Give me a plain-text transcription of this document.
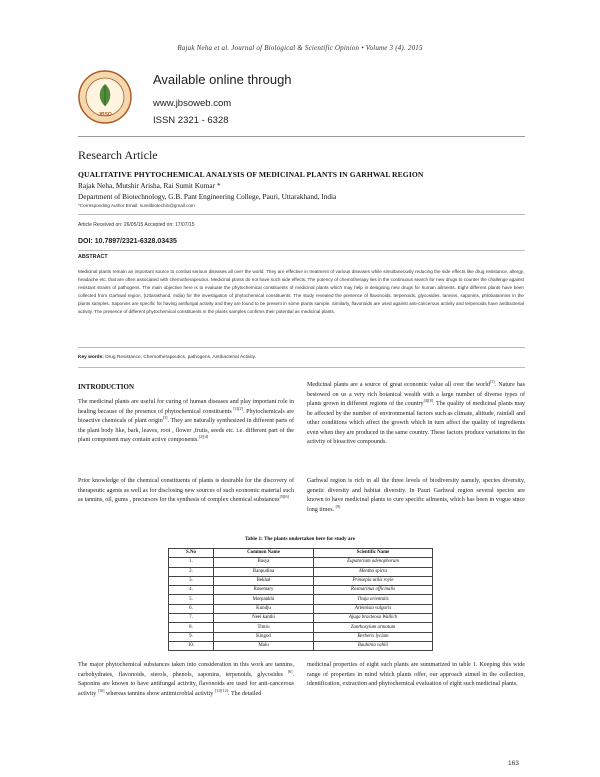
Rajak Neha et al. Journal of Biological & Scientific Opinion • Volume 3 (4). 2015
JBSO
Available online through
www.jbsoweb.com
ISSN 2321 - 6328
Research Article
QUALITATIVE PHYTOCHEMICAL ANALYSIS OF MEDICINAL PLANTS IN GARHWAL REGION
Rajak Neha, Mutshir Arisha, Rai Sumit Kumar *
Department of Biotechnology, G.B. Pant Engineering College, Pauri, Uttarakhand, India
*Corresponding Author Email: sumitbiotechin@gmail.com
Article Received on: 26/05/15 Accepted on: 17/07/15
DOI: 10.7897/2321-6328.03435
ABSTRACT
Medicinal plants remain an important source to combat serious diseases all over the world. They are effective in treatment of various diseases while simultaneously reducing the side effects like drug resistance, allergy, headache etc. that are often associated with chemotherapeutics. Medicinal plants do not have such side effects. The potency of chemotherapy lies in the continuous search for new drugs to counter the challenge against resistant strains of pathogens. The main objective here is to evaluate the phytochemical constituents of medicinal plants which may help in designing new drugs for human ailments. Eight different plants have been collected from Garhwal region, (Uttarakhand, India) for the investigation of phytochemical constituents. The study revealed the presence of flavonoids, terpenoids, glycosides, tannins, saponins, phlobatannins in the plants samples. Saponins are specific for having antifungal activity and they are found to be present in some plants sample. Similarly, flavonoids are used against anti-cancerous activity and terpenoids have antibacterial activity. The presence of different phytochemical constituents in the plants samples confirms their potential as medicinal plants.
Key words: Drug Resistance, Chemotherapeutics, pathogens, Antibacterial Activity.
INTRODUCTION
The medicinal plants are useful for curing of human diseases and play important role in healing because of the presence of phytochemical constituents [1][2]. Phytochemicals are bioactive chemicals of plant origin[3]. They are naturally synthesized in different parts of the plant body like, bark, leaves, root , flower ,fruits, seeds etc. i.e. different part of the plant component may contain active components.[2][4]
Prior knowledge of the chemical constituents of plants is desirable for the discovery of therapeutic agents as well as for disclosing new sources of such economic material such as tannins, oil, gums , precursors for the synthesis of complex chemical substances[5][6]
Medicinal plants are a source of great economic value all over the world[1]. Nature has bestowed on us a very rich botanical wealth with a large number of diverse types of plants grown in different regions of the country[4][8]. The quality of medicinal plants may be affected by the number of environmental factors such as climate, altitude, rainfall and other conditions which affect the growth which in turn affect the quality of ingredients even when they are produced in the same country. These factors produce variations in the activity of bioactive compounds.
Garhwal region is rich in all the three levels of biodiversity namely, species diversity, genetic diversity and habitat diversity. In Pauri Garhwal region several species are known to have medicinal plants to cure specific ailments, which has been in vogue since long times. [9]
Table 1: The plants undertaken here for study are
S.No	Common Name	Scientific Name
1.	Basya	Eupatorium adenophorum
2.	Banpudina	Mentha spicta
3.	Bekhal	Prinsepia utilis royle
4.	Rosemary	Rosmarinus officinalis
5.	Morpankhi	Thuja orientalis
6.	Kundju	Artemisia vulgaris
7.	Neel kanthi	Ajuga bracteosa Wallich
8.	Timru	Zanthoxylum armatum
9.	Kingod	Berberis lycium
10.	Malu	Bauhinia vahlii
The major phytochemical substances taken into consideration in this work are tannins, carbohydrates, flavonoids, sterols, phenols, saponins, terpenoids, glycosides [6]. Saponins are known to have antifungal activity, flavonoids are used for anti-cancerous activity [10] whereas tannins show antimicrobial activity [11][12]. The detailed
medicinal properties of eight such plants are summarized in table 1. Keeping this wide range of properties in mind which plants offer, our approach aimed in the collection, identification, extraction and phytochemical evaluation of eight such medicinal plants.
163
